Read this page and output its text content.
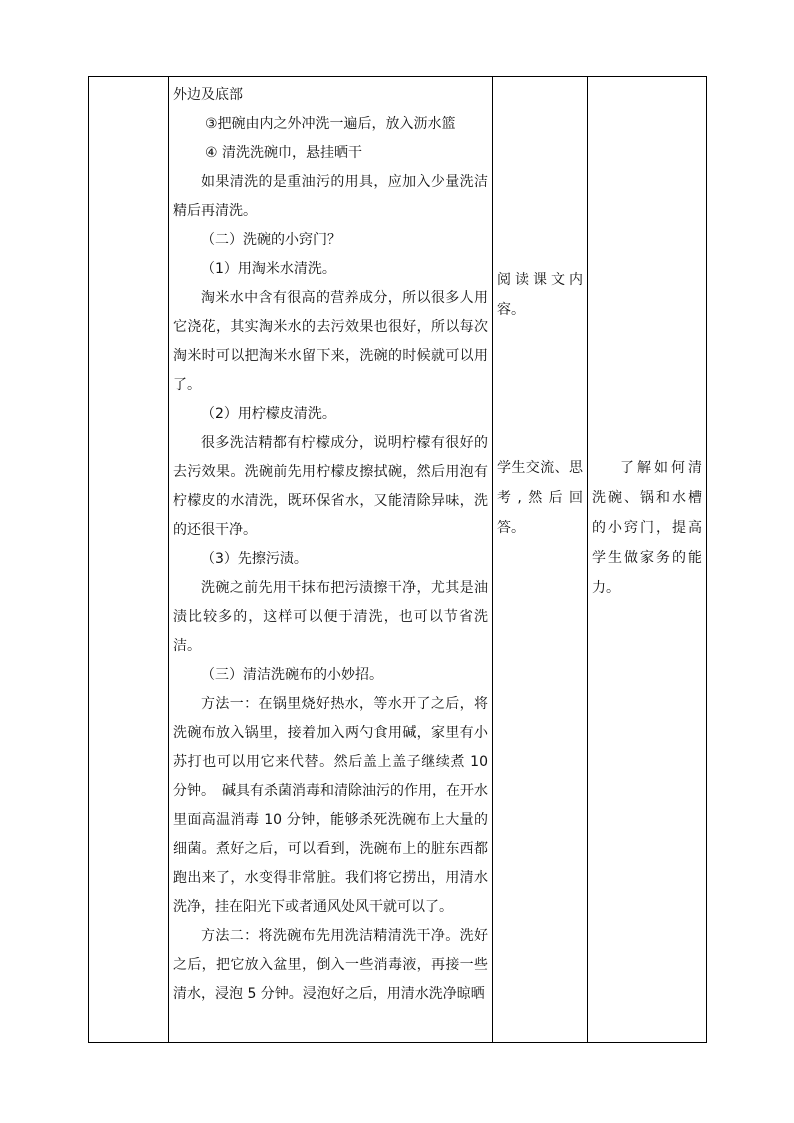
外边及底部

③把碗由内之外冲洗一遍后，放入沥水篮

④ 清洗洗碗巾，悬挂晒干

如果清洗的是重油污的用具，应加入少量洗洁精后再清洗。

（二）洗碗的小窍门？

（1）用淘米水清洗。

淘米水中含有很高的营养成分，所以很多人用它浇花，其实淘米水的去污效果也很好，所以每次淘米时可以把淘米水留下来，洗碗的时候就可以用了。

（2）用柠檬皮清洗。

很多洗洁精都有柠檬成分，说明柠檬有很好的去污效果。洗碗前先用柠檬皮擦拭碗，然后用泡有柠檬皮的水清洗，既环保省水，又能清除异味，洗的还很干净。

（3）先擦污渍。

洗碗之前先用干抹布把污渍擦干净，尤其是油渍比较多的，这样可以便于清洗，也可以节省洗洁。

（三）清洁洗碗布的小妙招。

方法一：在锅里烧好热水，等水开了之后，将洗碗布放入锅里，接着加入两勺食用碱，家里有小苏打也可以用它来代替。然后盖上盖子继续煮 10 分钟。　碱具有杀菌消毒和清除油污的作用，在开水里面高温消毒 10 分钟，能够杀死洗碗布上大量的细菌。煮好之后，可以看到，洗碗布上的脏东西都跑出来了，水变得非常脏。我们将它捞出，用清水洗净，挂在阳光下或者通风处风干就可以了。

方法二：将洗碗布先用洗洁精清洗干净。洗好之后，把它放入盆里，倒入一些消毒液，再接一些清水，浸泡 5 分钟。浸泡好之后，用清水洗净晾晒

阅读课文内容。

学生交流、思考,然后回答。

了解如何清洗碗、锅和水槽的小窍门，提高学生做家务的能力。
